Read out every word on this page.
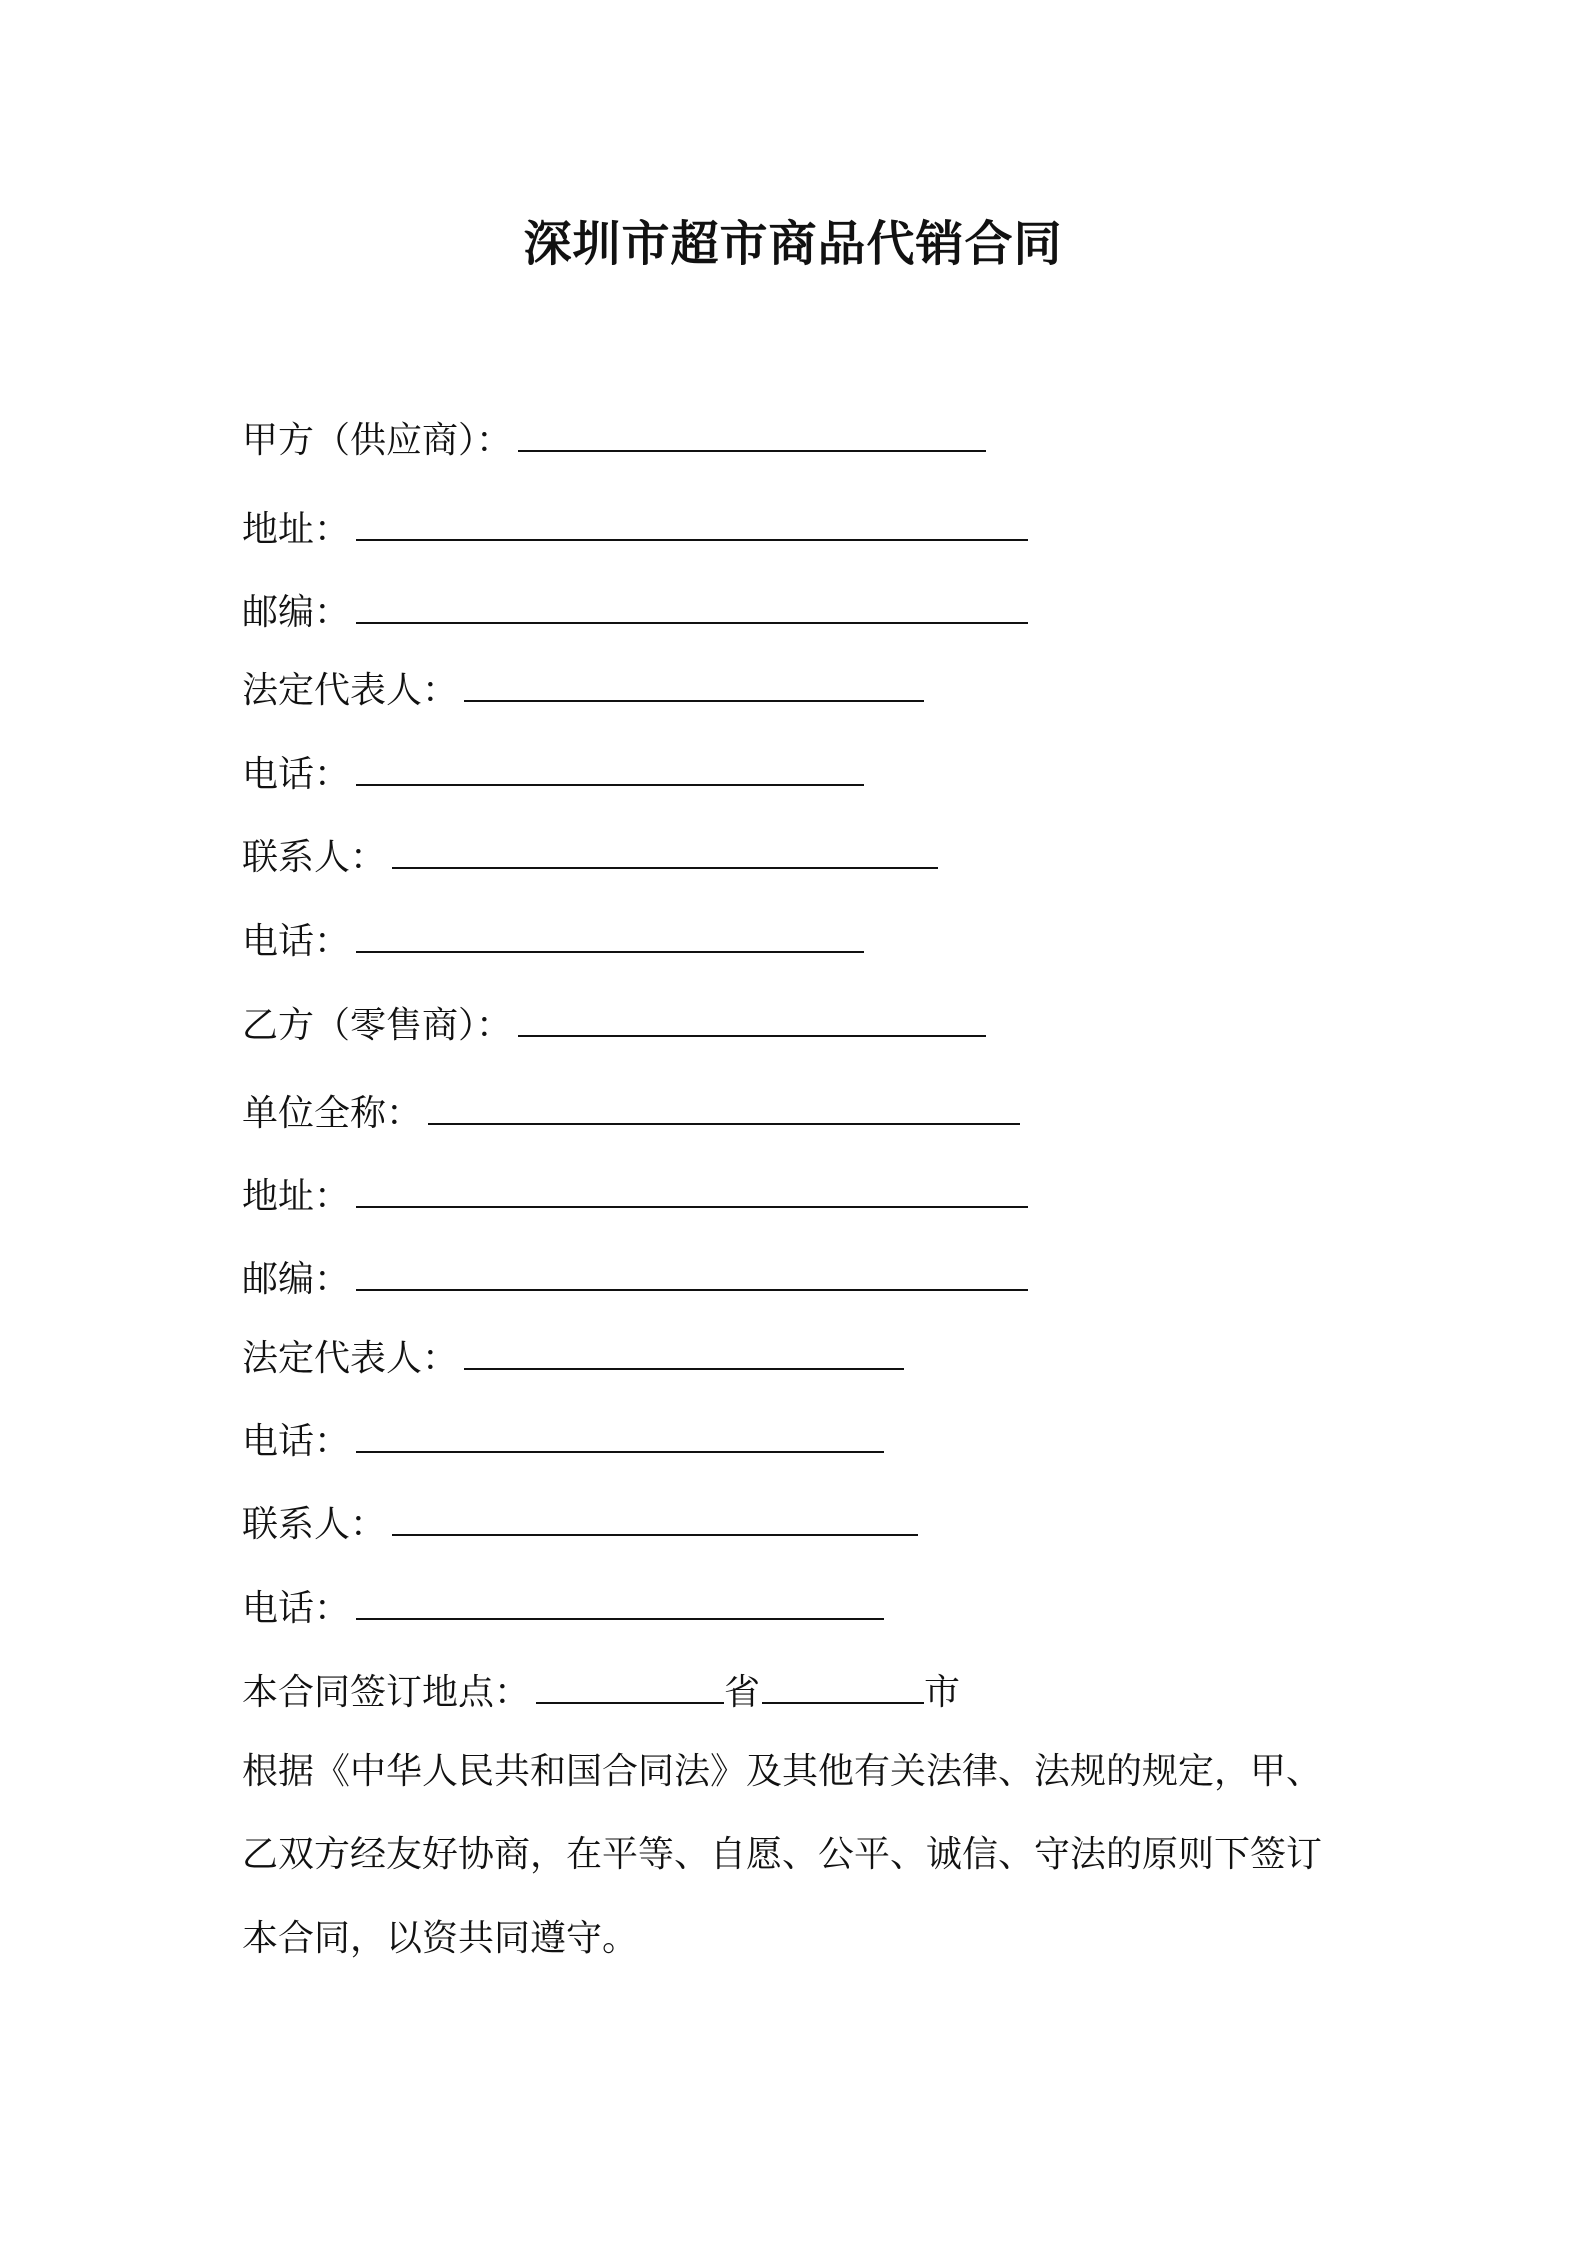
深圳市超市商品代销合同
甲方（供应商）：
地址：
邮编：
法定代表人：
电话：
联系人：
电话：
乙方（零售商）：
单位全称：
地址：
邮编：
法定代表人：
电话：
联系人：
电话：
本合同签订地点：	省	市
根据《中华人民共和国合同法》及其他有关法律、法规的规定，甲、
乙双方经友好协商，在平等、自愿、公平、诚信、守法的原则下签订
本合同，以资共同遵守。
